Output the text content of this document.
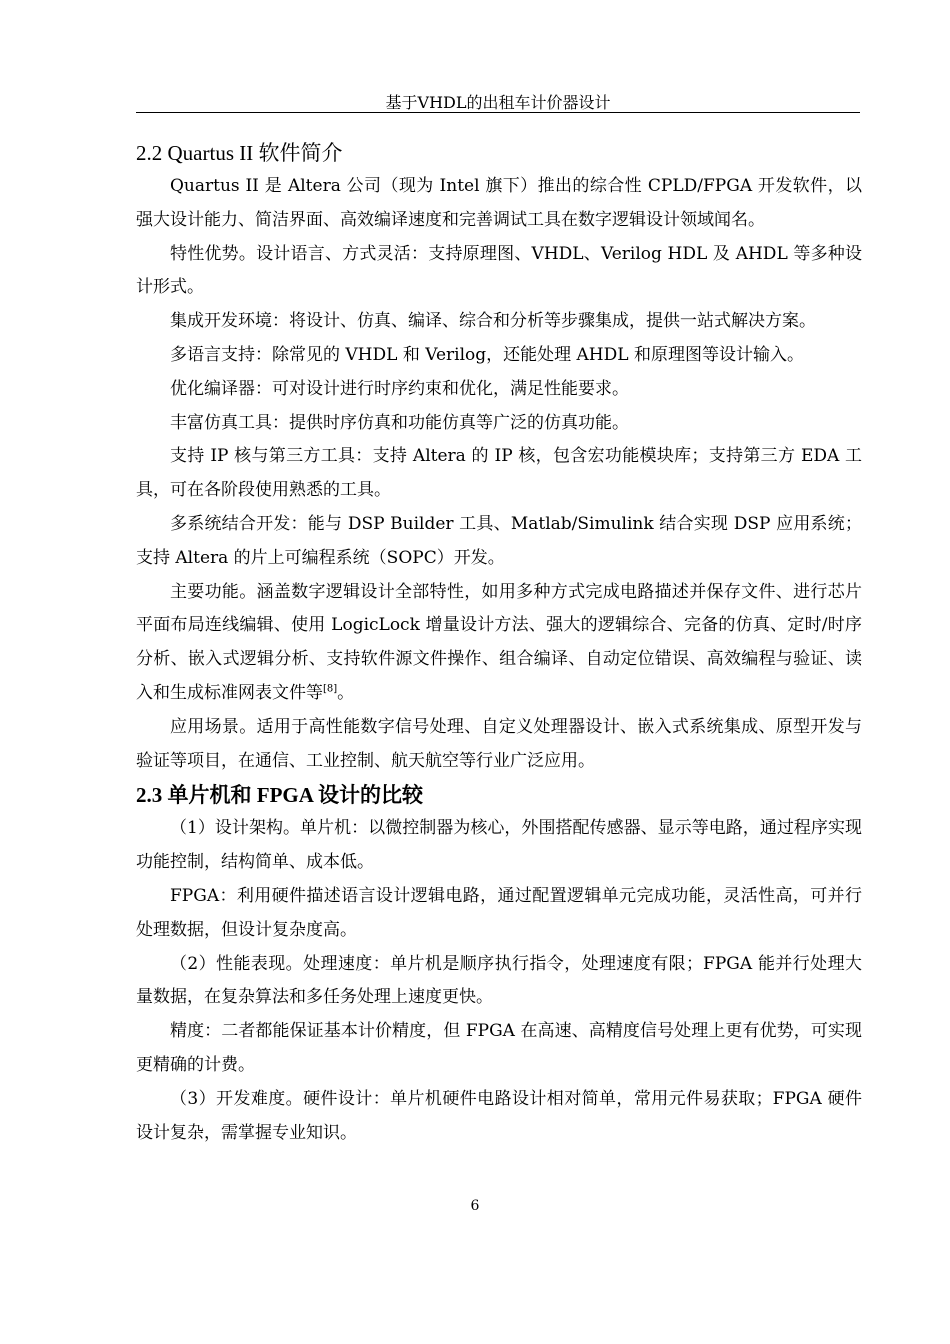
基于VHDL的出租车计价器设计
2.2 Quartus II 软件简介

Quartus II 是 Altera 公司（现为 Intel 旗下）推出的综合性 CPLD/FPGA 开发软件，以强大设计能力、简洁界面、高效编译速度和完善调试工具在数字逻辑设计领域闻名。

特性优势。设计语言、方式灵活：支持原理图、VHDL、Verilog HDL 及 AHDL 等多种设计形式。

集成开发环境：将设计、仿真、编译、综合和分析等步骤集成，提供一站式解决方案。

多语言支持：除常见的 VHDL 和 Verilog，还能处理 AHDL 和原理图等设计输入。

优化编译器：可对设计进行时序约束和优化，满足性能要求。

丰富仿真工具：提供时序仿真和功能仿真等广泛的仿真功能。

支持 IP 核与第三方工具：支持 Altera 的 IP 核，包含宏功能模块库；支持第三方 EDA 工具，可在各阶段使用熟悉的工具。

多系统结合开发：能与 DSP Builder 工具、Matlab/Simulink 结合实现 DSP 应用系统；支持 Altera 的片上可编程系统（SOPC）开发。

主要功能。涵盖数字逻辑设计全部特性，如用多种方式完成电路描述并保存文件、进行芯片平面布局连线编辑、使用 LogicLock 增量设计方法、强大的逻辑综合、完备的仿真、定时/时序分析、嵌入式逻辑分析、支持软件源文件操作、组合编译、自动定位错误、高效编程与验证、读入和生成标准网表文件等[8]。

应用场景。适用于高性能数字信号处理、自定义处理器设计、嵌入式系统集成、原型开发与验证等项目，在通信、工业控制、航天航空等行业广泛应用。

2.3 单片机和 FPGA 设计的比较

（1）设计架构。单片机：以微控制器为核心，外围搭配传感器、显示等电路，通过程序实现功能控制，结构简单、成本低。

FPGA：利用硬件描述语言设计逻辑电路，通过配置逻辑单元完成功能，灵活性高，可并行处理数据，但设计复杂度高。

（2）性能表现。处理速度：单片机是顺序执行指令，处理速度有限；FPGA 能并行处理大量数据，在复杂算法和多任务处理上速度更快。

精度：二者都能保证基本计价精度，但 FPGA 在高速、高精度信号处理上更有优势，可实现更精确的计费。

（3）开发难度。硬件设计：单片机硬件电路设计相对简单，常用元件易获取；FPGA 硬件设计复杂，需掌握专业知识。

6
